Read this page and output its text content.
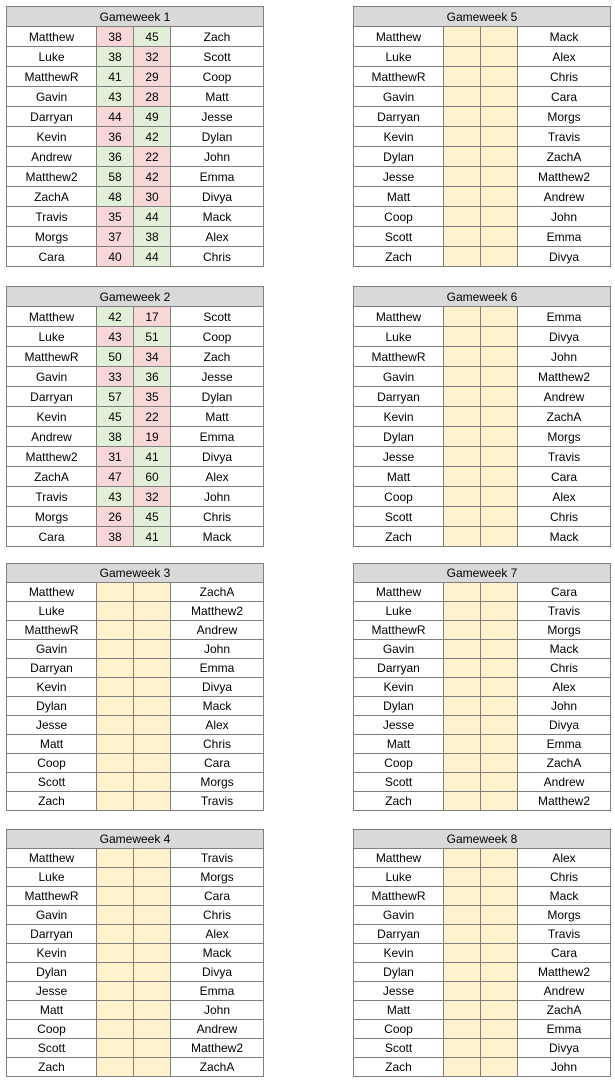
Gameweek 1			
Matthew	38	45	Zach
Luke	38	32	Scott
MatthewR	41	29	Coop
Gavin	43	28	Matt
Darryan	44	49	Jesse
Kevin	36	42	Dylan
Andrew	36	22	John
Matthew2	58	42	Emma
ZachA	48	30	Divya
Travis	35	44	Mack
Morgs	37	38	Alex
Cara	40	44	Chris
Gameweek 2			
Matthew	42	17	Scott
Luke	43	51	Coop
MatthewR	50	34	Zach
Gavin	33	36	Jesse
Darryan	57	35	Dylan
Kevin	45	22	Matt
Andrew	38	19	Emma
Matthew2	31	41	Divya
ZachA	47	60	Alex
Travis	43	32	John
Morgs	26	45	Chris
Cara	38	41	Mack
Gameweek 3			
Matthew			ZachA
Luke			Matthew2
MatthewR			Andrew
Gavin			John
Darryan			Emma
Kevin			Divya
Dylan			Mack
Jesse			Alex
Matt			Chris
Coop			Cara
Scott			Morgs
Zach			Travis
Gameweek 4			
Matthew			Travis
Luke			Morgs
MatthewR			Cara
Gavin			Chris
Darryan			Alex
Kevin			Mack
Dylan			Divya
Jesse			Emma
Matt			John
Coop			Andrew
Scott			Matthew2
Zach			ZachA
Gameweek 5			
Matthew			Mack
Luke			Alex
MatthewR			Chris
Gavin			Cara
Darryan			Morgs
Kevin			Travis
Dylan			ZachA
Jesse			Matthew2
Matt			Andrew
Coop			John
Scott			Emma
Zach			Divya
Gameweek 6			
Matthew			Emma
Luke			Divya
MatthewR			John
Gavin			Matthew2
Darryan			Andrew
Kevin			ZachA
Dylan			Morgs
Jesse			Travis
Matt			Cara
Coop			Alex
Scott			Chris
Zach			Mack
Gameweek 7			
Matthew			Cara
Luke			Travis
MatthewR			Morgs
Gavin			Mack
Darryan			Chris
Kevin			Alex
Dylan			John
Jesse			Divya
Matt			Emma
Coop			ZachA
Scott			Andrew
Zach			Matthew2
Gameweek 8			
Matthew			Alex
Luke			Chris
MatthewR			Mack
Gavin			Morgs
Darryan			Travis
Kevin			Cara
Dylan			Matthew2
Jesse			Andrew
Matt			ZachA
Coop			Emma
Scott			Divya
Zach			John
